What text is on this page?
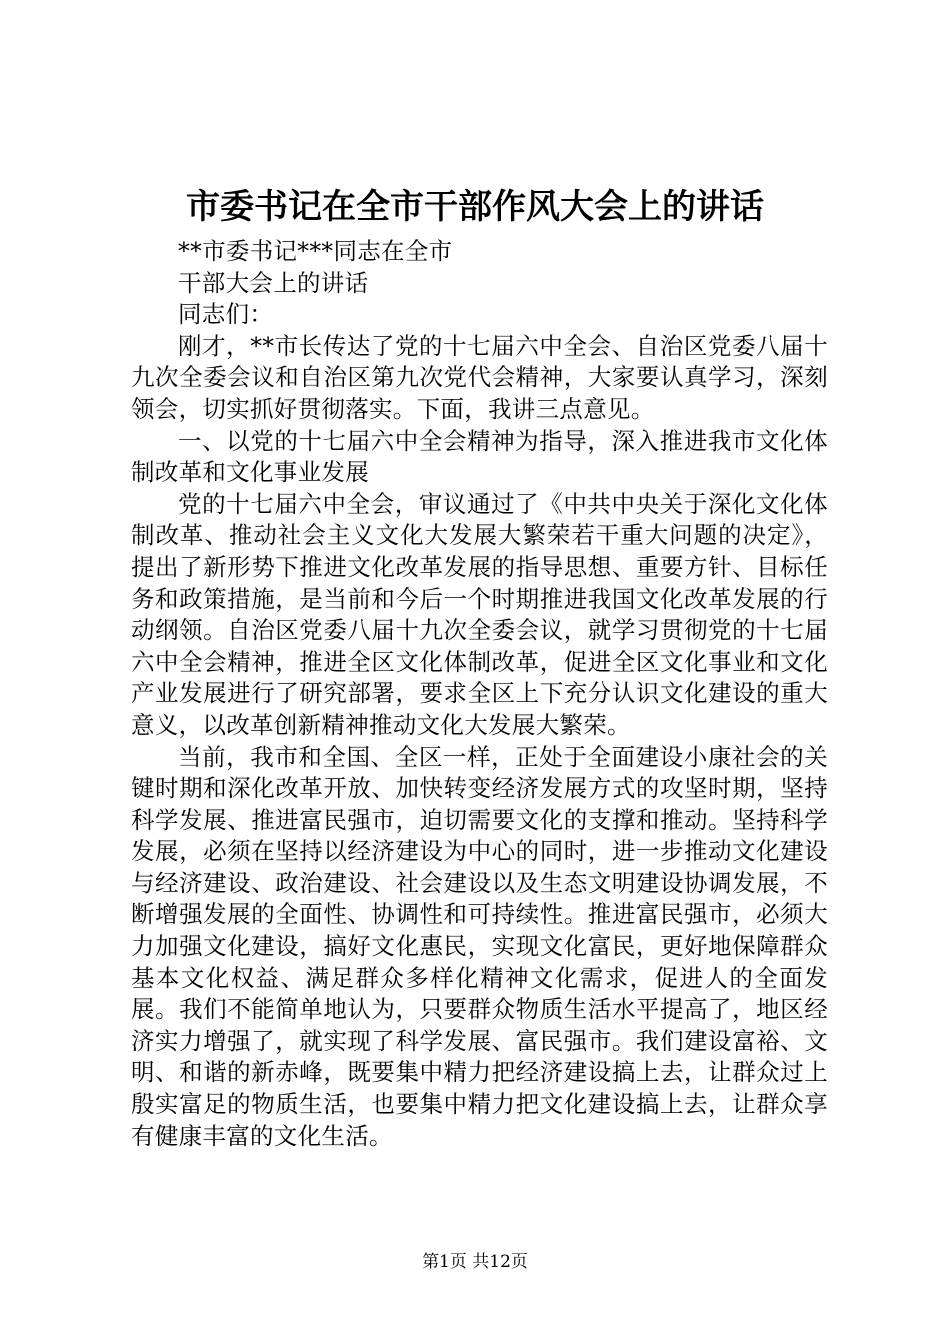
市委书记在全市干部作风大会上的讲话

**市委书记***同志在全市

干部大会上的讲话

同志们：

刚才，**市长传达了党的十七届六中全会、自治区党委八届十九次全委会议和自治区第九次党代会精神，大家要认真学习，深刻领会，切实抓好贯彻落实。下面，我讲三点意见。

一、以党的十七届六中全会精神为指导，深入推进我市文化体制改革和文化事业发展

党的十七届六中全会，审议通过了《中共中央关于深化文化体制改革、推动社会主义文化大发展大繁荣若干重大问题的决定》，提出了新形势下推进文化改革发展的指导思想、重要方针、目标任务和政策措施，是当前和今后一个时期推进我国文化改革发展的行动纲领。自治区党委八届十九次全委会议，就学习贯彻党的十七届六中全会精神，推进全区文化体制改革，促进全区文化事业和文化产业发展进行了研究部署，要求全区上下充分认识文化建设的重大意义，以改革创新精神推动文化大发展大繁荣。

当前，我市和全国、全区一样，正处于全面建设小康社会的关键时期和深化改革开放、加快转变经济发展方式的攻坚时期，坚持科学发展、推进富民强市，迫切需要文化的支撑和推动。坚持科学发展，必须在坚持以经济建设为中心的同时，进一步推动文化建设与经济建设、政治建设、社会建设以及生态文明建设协调发展，不断增强发展的全面性、协调性和可持续性。推进富民强市，必须大力加强文化建设，搞好文化惠民，实现文化富民，更好地保障群众基本文化权益、满足群众多样化精神文化需求，促进人的全面发展。我们不能简单地认为，只要群众物质生活水平提高了，地区经济实力增强了，就实现了科学发展、富民强市。我们建设富裕、文明、和谐的新赤峰，既要集中精力把经济建设搞上去，让群众过上殷实富足的物质生活，也要集中精力把文化建设搞上去，让群众享有健康丰富的文化生活。

第1页 共12页
